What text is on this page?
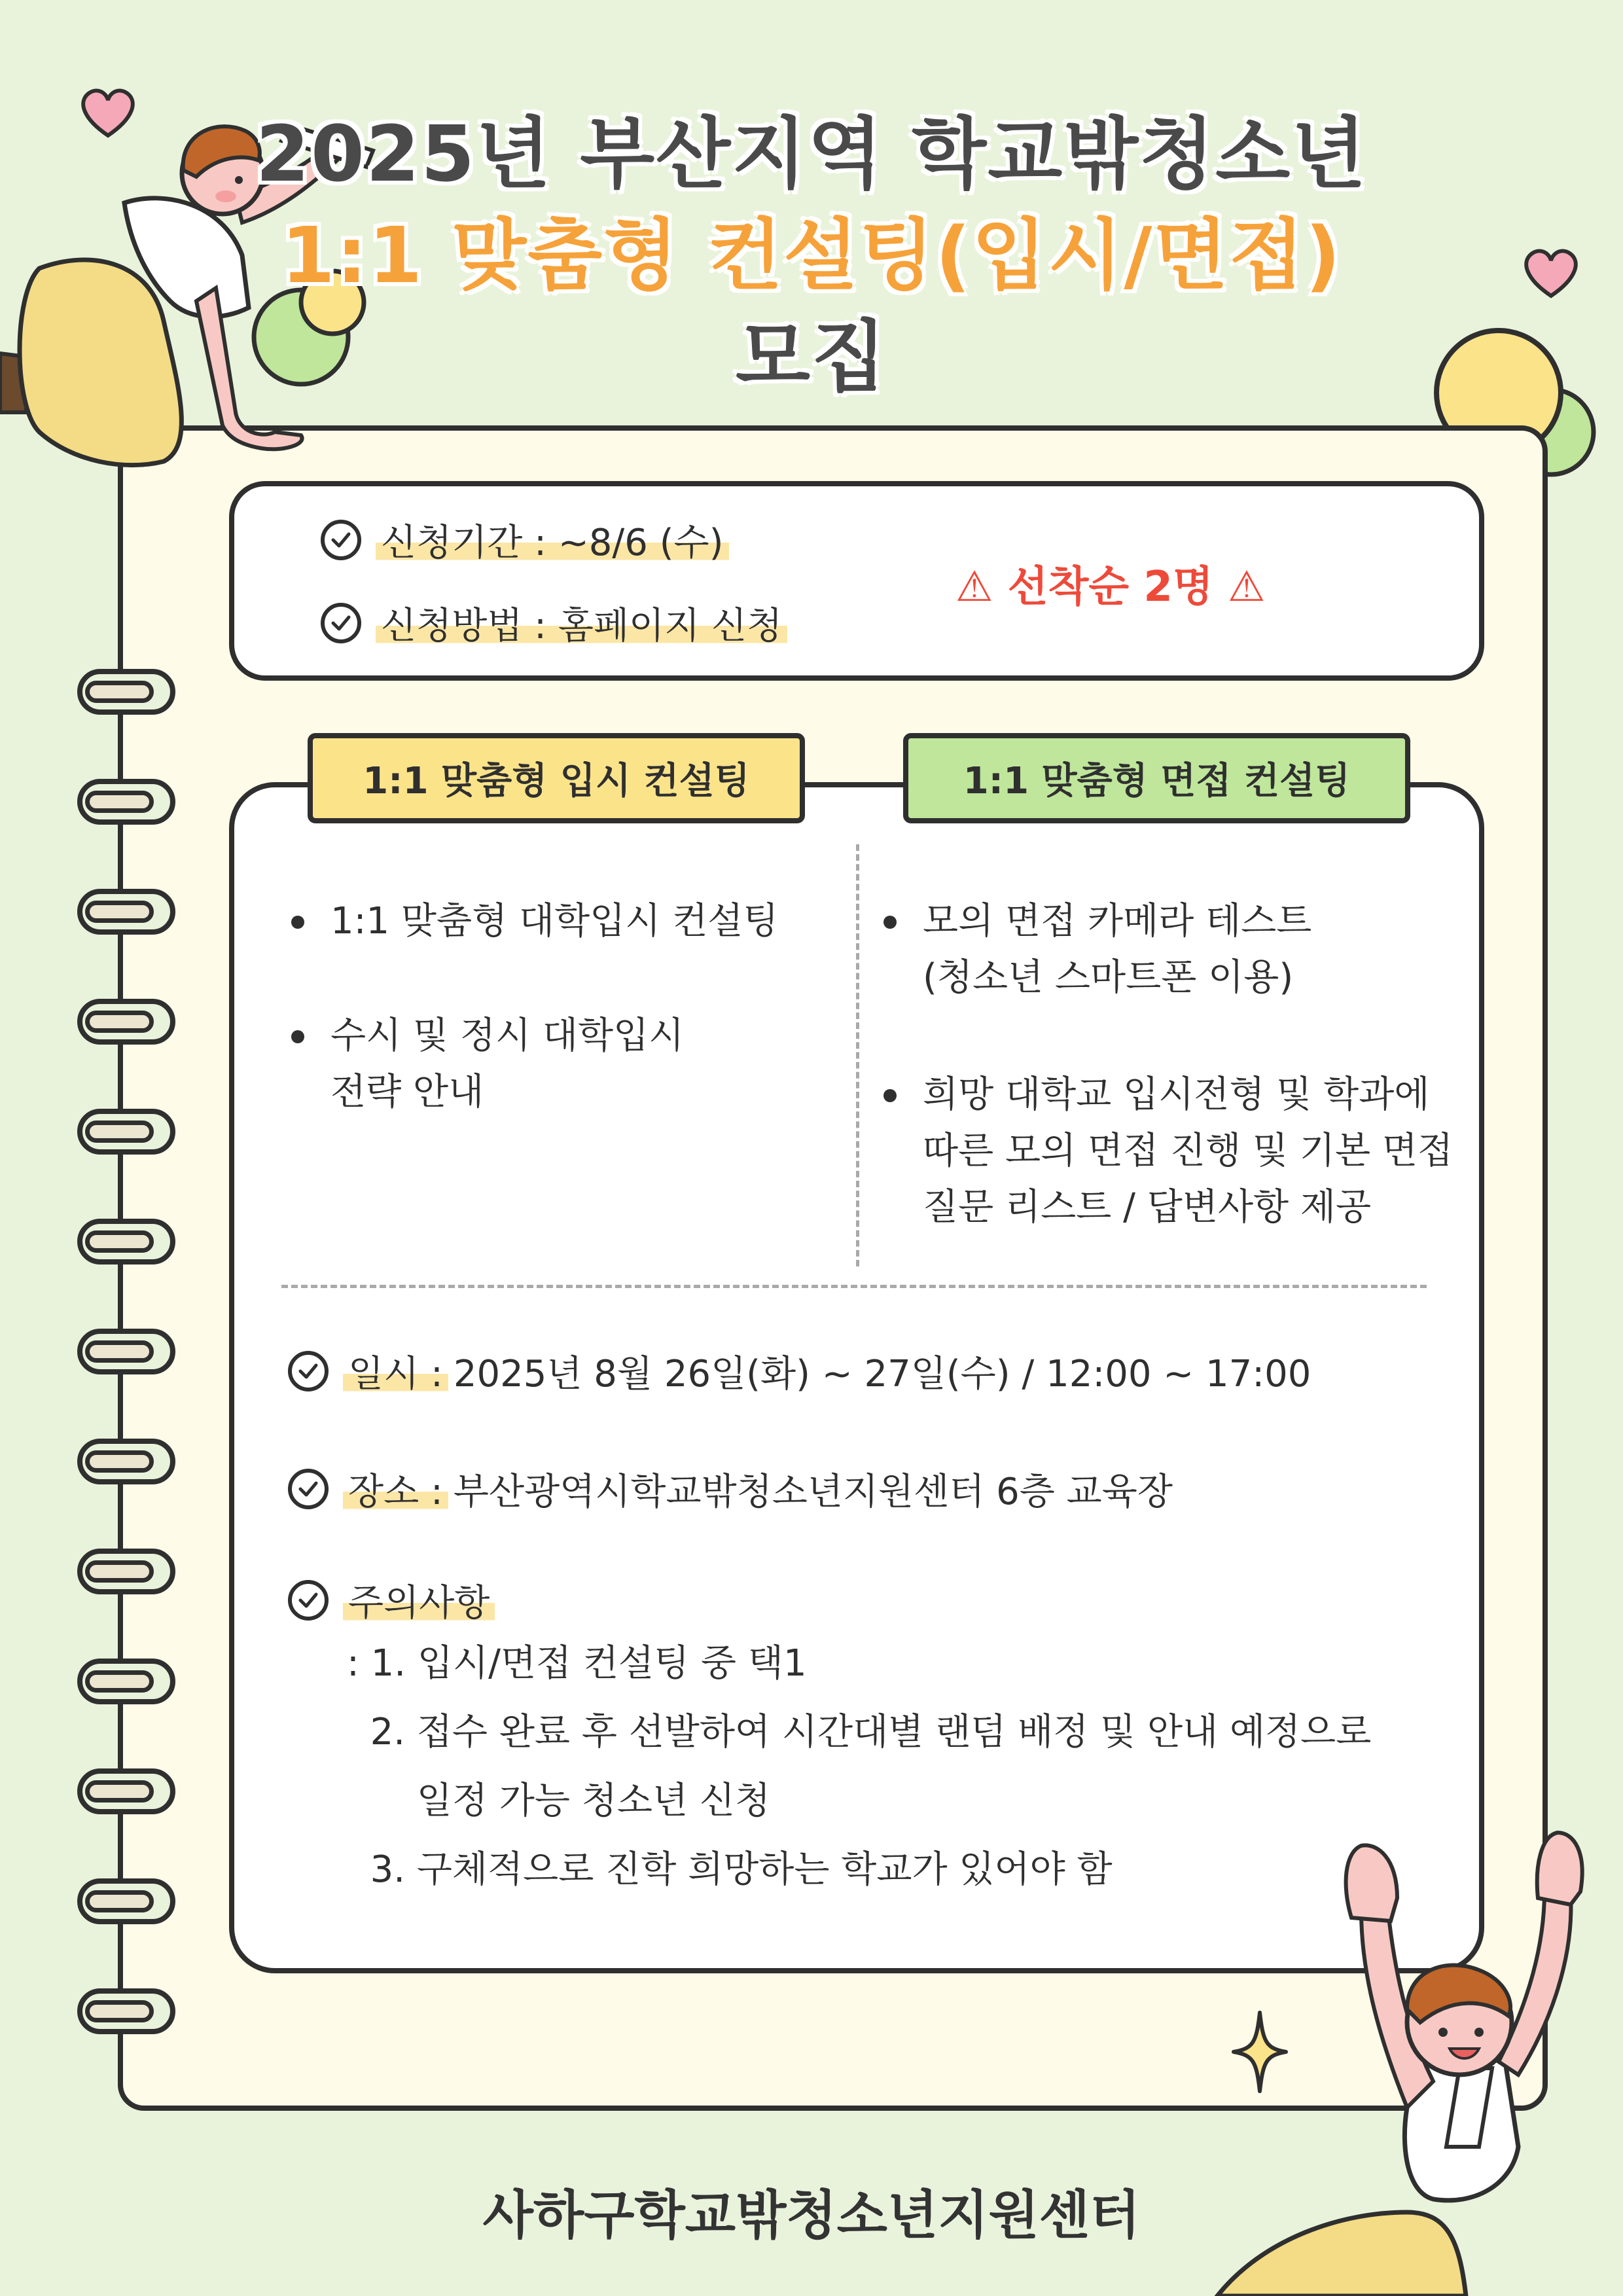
2025년 부산지역 학교밖청소년
1:1 맞춤형 컨설팅(입시/면접)
모집
신청기간 : ~8/6 (수)
신청방법 : 홈페이지 신청
⚠ 선착순 2명 ⚠
1:1 맞춤형 입시 컨설팅	1:1 맞춤형 면접 컨설팅
1:1 맞춤형 대학입시 컨설팅
수시 및 정시 대학입시
전략 안내
모의 면접 카메라 테스트
(청소년 스마트폰 이용)
희망 대학교 입시전형 및 학과에
따른 모의 면접 진행 및 기본 면접
질문 리스트 / 답변사항 제공
일시 : 2025년 8월 26일(화) ~ 27일(수) / 12:00 ~ 17:00
장소 : 부산광역시학교밖청소년지원센터 6층 교육장
주의사항
: 1. 입시/면접 컨설팅 중 택1
2. 접수 완료 후 선발하여 시간대별 랜덤 배정 및 안내 예정으로
일정 가능 청소년 신청
3. 구체적으로 진학 희망하는 학교가 있어야 함
사하구학교밖청소년지원센터
